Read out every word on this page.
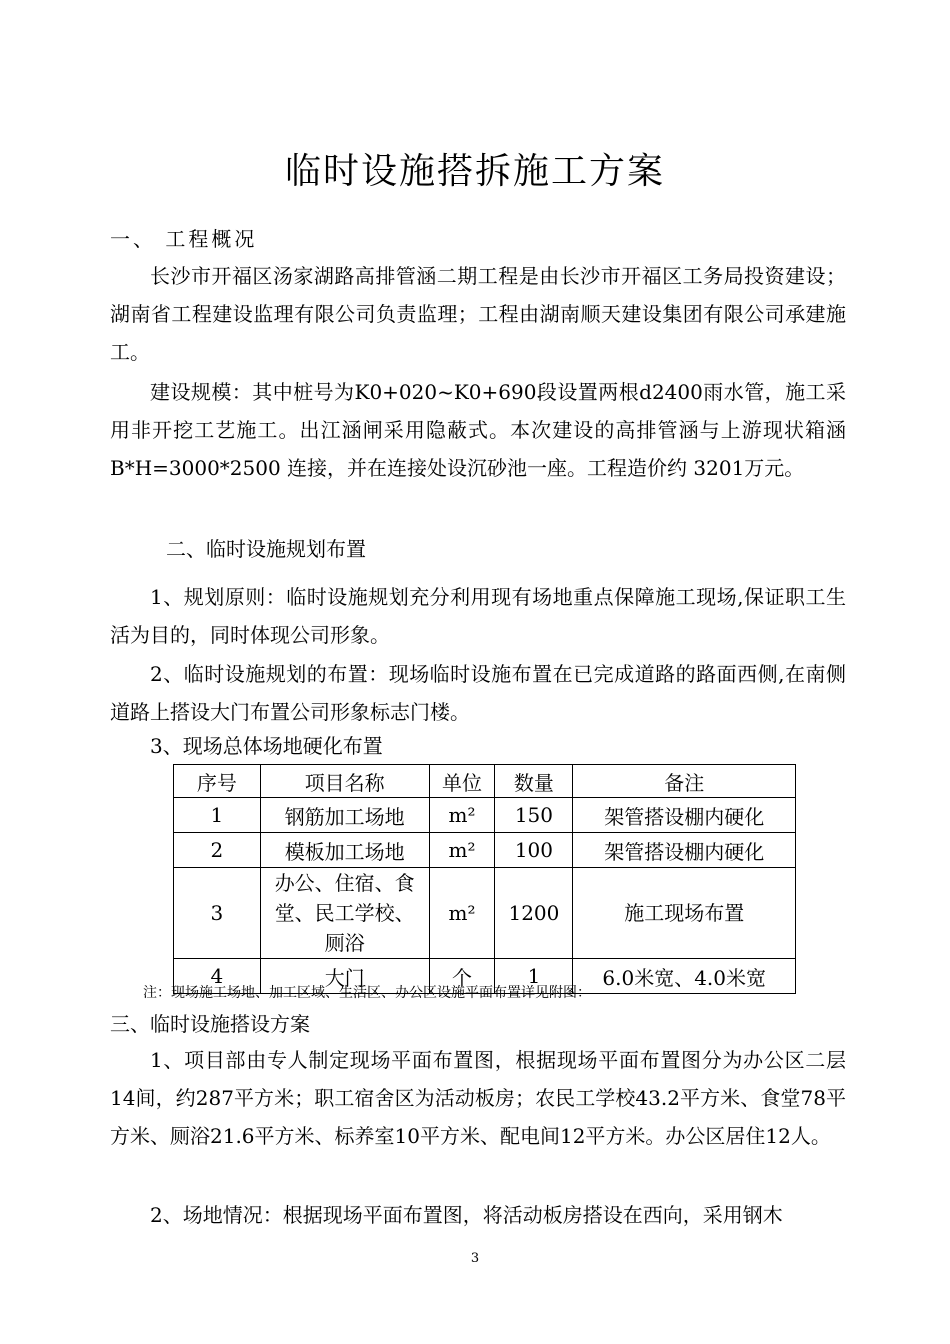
临时设施搭拆施工方案
一、 工程概况
长沙市开福区汤家湖路高排管涵二期工程是由长沙市开福区工务局投资建设；湖南省工程建设监理有限公司负责监理；工程由湖南顺天建设集团有限公司承建施工。
建设规模：其中桩号为K0+020~K0+690段设置两根d2400雨水管，施工采用非开挖工艺施工。出江涵闸采用隐蔽式。本次建设的高排管涵与上游现状箱涵 B*H=3000*2500 连接，并在连接处设沉砂池一座。工程造价约 3201万元。
二、临时设施规划布置
1、规划原则：临时设施规划充分利用现有场地重点保障施工现场,保证职工生活为目的，同时体现公司形象。
2、临时设施规划的布置：现场临时设施布置在已完成道路的路面西侧,在南侧道路上搭设大门布置公司形象标志门楼。
3、现场总体场地硬化布置
序号	项目名称	单位	数量	备注
1	钢筋加工场地	m²	150	架管搭设棚内硬化
2	模板加工场地	m²	100	架管搭设棚内硬化
3	办公、住宿、食堂、民工学校、厕浴	m²	1200	施工现场布置
4	大门	个	1	6.0米宽、4.0米宽
注：现场施工场地、加工区域、生活区、办公区设施平面布置详见附图：
三、临时设施搭设方案
1、项目部由专人制定现场平面布置图，根据现场平面布置图分为办公区二层14间，约287平方米；职工宿舍区为活动板房；农民工学校43.2平方米、食堂78平方米、厕浴21.6平方米、标养室10平方米、配电间12平方米。办公区居住12人。
2、场地情况：根据现场平面布置图，将活动板房搭设在西向，采用钢木
3
